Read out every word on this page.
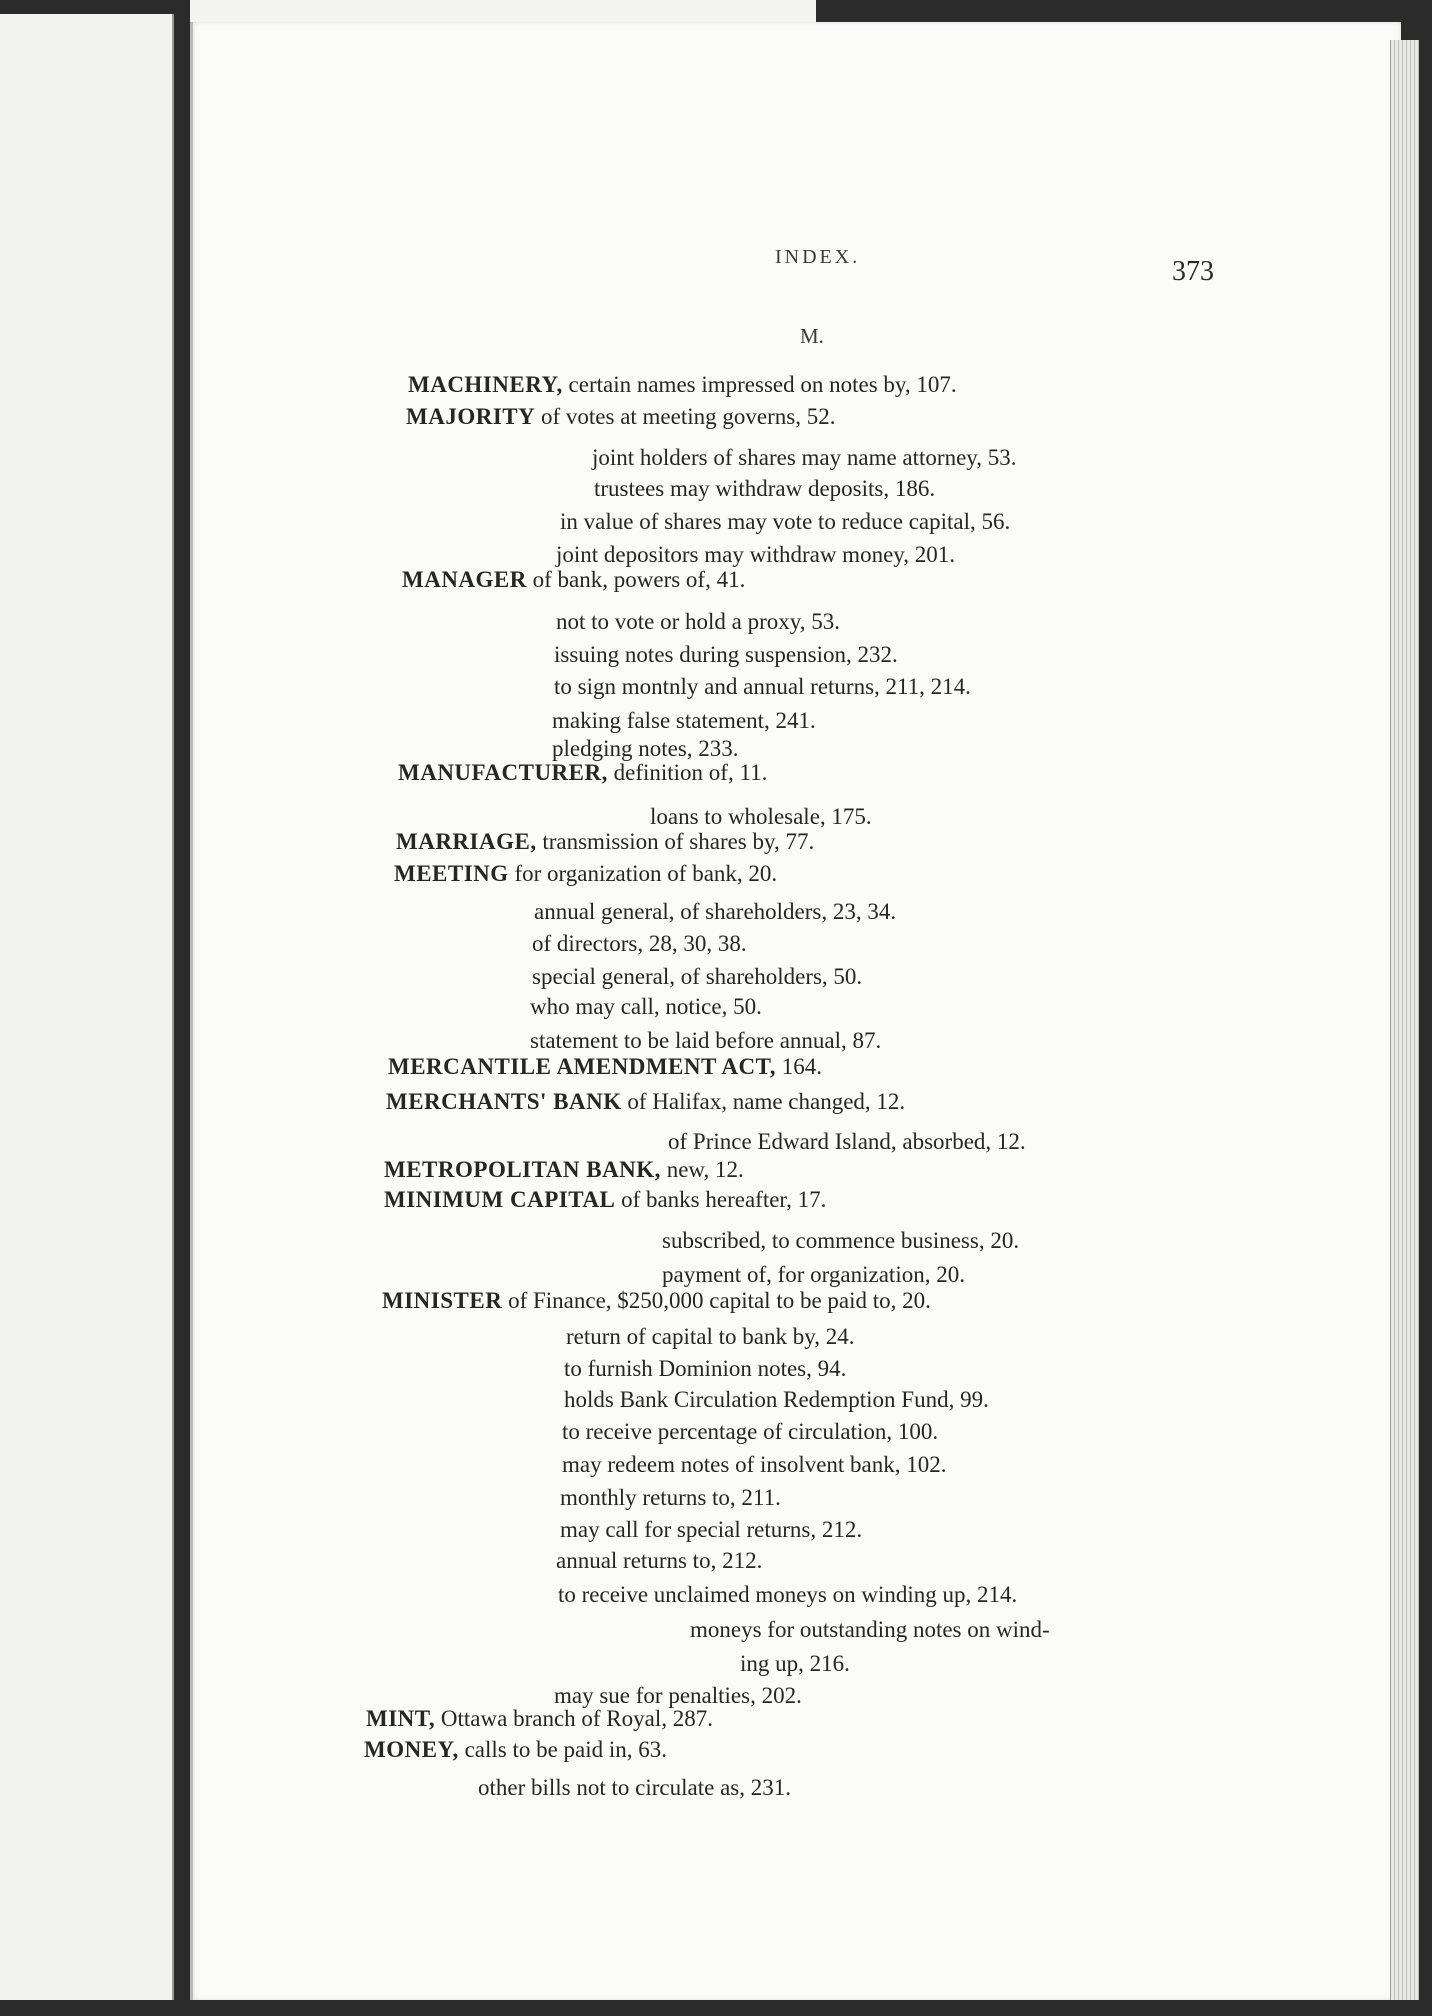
INDEX.	373
M.
MACHINERY, certain names impressed on notes by, 107.
MAJORITY of votes at meeting governs, 52.
joint holders of shares may name attorney, 53.
trustees may withdraw deposits, 186.
in value of shares may vote to reduce capital, 56.
joint depositors may withdraw money, 201.
MANAGER of bank, powers of, 41.
not to vote or hold a proxy, 53.
issuing notes during suspension, 232.
to sign montnly and annual returns, 211, 214.
making false statement, 241.
pledging notes, 233.
MANUFACTURER, definition of, 11.
loans to wholesale, 175.
MARRIAGE, transmission of shares by, 77.
MEETING for organization of bank, 20.
annual general, of shareholders, 23, 34.
of directors, 28, 30, 38.
special general, of shareholders, 50.
who may call, notice, 50.
statement to be laid before annual, 87.
MERCANTILE AMENDMENT ACT, 164.
MERCHANTS' BANK of Halifax, name changed, 12.
of Prince Edward Island, absorbed, 12.
METROPOLITAN BANK, new, 12.
MINIMUM CAPITAL of banks hereafter, 17.
subscribed, to commence business, 20.
payment of, for organization, 20.
MINISTER of Finance, $250,000 capital to be paid to, 20.
return of capital to bank by, 24.
to furnish Dominion notes, 94.
holds Bank Circulation Redemption Fund, 99.
to receive percentage of circulation, 100.
may redeem notes of insolvent bank, 102.
monthly returns to, 211.
may call for special returns, 212.
annual returns to, 212.
to receive unclaimed moneys on winding up, 214.
moneys for outstanding notes on wind-
ing up, 216.
may sue for penalties, 202.
MINT, Ottawa branch of Royal, 287.
MONEY, calls to be paid in, 63.
other bills not to circulate as, 231.
